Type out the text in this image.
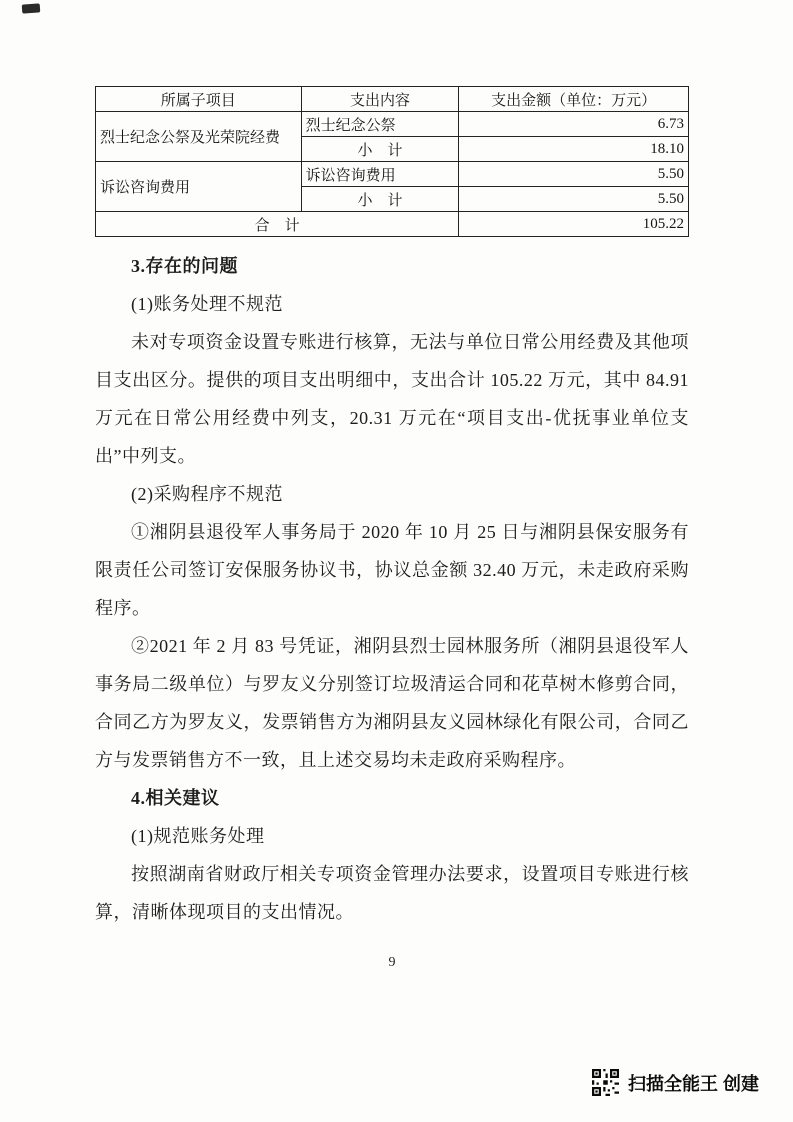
所属子项目	支出内容	支出金额（单位：万元）
烈士纪念公祭及光荣院经费	烈士纪念公祭	6.73
	小　计	18.10
诉讼咨询费用	诉讼咨询费用	5.50
	小　计	5.50
合　计		105.22

3.存在的问题

(1)账务处理不规范

未对专项资金设置专账进行核算，无法与单位日常公用经费及其他项目支出区分。提供的项目支出明细中，支出合计 105.22 万元，其中 84.91 万元在日常公用经费中列支，20.31 万元在“项目支出-优抚事业单位支出”中列支。

(2)采购程序不规范

①湘阴县退役军人事务局于 2020 年 10 月 25 日与湘阴县保安服务有限责任公司签订安保服务协议书，协议总金额 32.40 万元，未走政府采购程序。

②2021 年 2 月 83 号凭证，湘阴县烈士园林服务所（湘阴县退役军人事务局二级单位）与罗友义分别签订垃圾清运合同和花草树木修剪合同，合同乙方为罗友义，发票销售方为湘阴县友义园林绿化有限公司，合同乙方与发票销售方不一致，且上述交易均未走政府采购程序。

4.相关建议

(1)规范账务处理

按照湖南省财政厅相关专项资金管理办法要求，设置项目专账进行核算，清晰体现项目的支出情况。

9
扫描全能王 创建
